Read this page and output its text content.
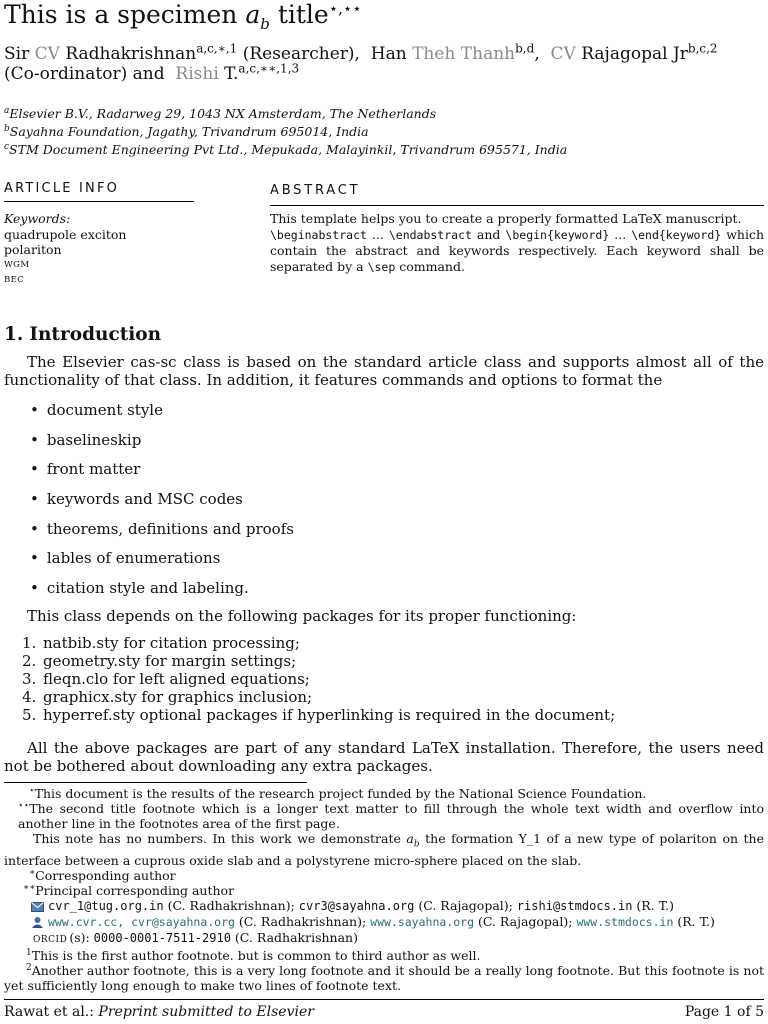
This is a specimen $a_b$ title⋆,⋆⋆
Sir CV Radhakrishnan$^{a,c,∗,1}$ (Researcher), Han Theh Thanh$^{b,d}$, CV Rajagopal Jr$^{b,c,2}$
(Co-ordinator) and Rishi T.$^{a,c,∗∗,1,3}$
$^a$Elsevier B.V., Radarweg 29, 1043 NX Amsterdam, The Netherlands
$^b$Sayahna Foundation, Jagathy, Trivandrum 695014, India
$^c$STM Document Engineering Pvt Ltd., Mepukada, Malayinkil, Trivandrum 695571, India
ARTICLE INFO	ABSTRACT
Keywords:
quadrupole exciton
polariton
WGM
BEC
This template helps you to create a properly formatted LaTeX manuscript.
\beginabstract ... \endabstract and \begin{keyword} ... \end{keyword} which contain the abstract and keywords respectively. Each keyword shall be separated by a \sep command.
1. Introduction
The Elsevier cas-sc class is based on the standard article class and supports almost all of the functionality of that class. In addition, it features commands and options to format the
• document style
• baselineskip
• front matter
• keywords and MSC codes
• theorems, definitions and proofs
• lables of enumerations
• citation style and labeling.
This class depends on the following packages for its proper functioning:
1. natbib.sty for citation processing;
2. geometry.sty for margin settings;
3. fleqn.clo for left aligned equations;
4. graphicx.sty for graphics inclusion;
5. hyperref.sty optional packages if hyperlinking is required in the document;
All the above packages are part of any standard LaTeX installation. Therefore, the users need not be bothered about downloading any extra packages.
⋆This document is the results of the research project funded by the National Science Foundation.
⋆⋆The second title footnote which is a longer text matter to fill through the whole text width and overflow into another line in the footnotes area of the first page.
This note has no numbers. In this work we demonstrate $a_b$ the formation Y_1 of a new type of polariton on the interface between a cuprous oxide slab and a polystyrene micro-sphere placed on the slab.
∗Corresponding author
∗∗Principal corresponding author
cvr_1@tug.org.in (C. Radhakrishnan); cvr3@sayahna.org (C. Rajagopal); rishi@stmdocs.in (R. T.)
www.cvr.cc, cvr@sayahna.org (C. Radhakrishnan); www.sayahna.org (C. Rajagopal); www.stmdocs.in (R. T.)
ORCID (s): 0000-0001-7511-2910 (C. Radhakrishnan)
$^1$This is the first author footnote. but is common to third author as well.
$^2$Another author footnote, this is a very long footnote and it should be a really long footnote. But this footnote is not yet sufficiently long enough to make two lines of footnote text.
Rawat et al.: Preprint submitted to Elsevier	Page 1 of 5
